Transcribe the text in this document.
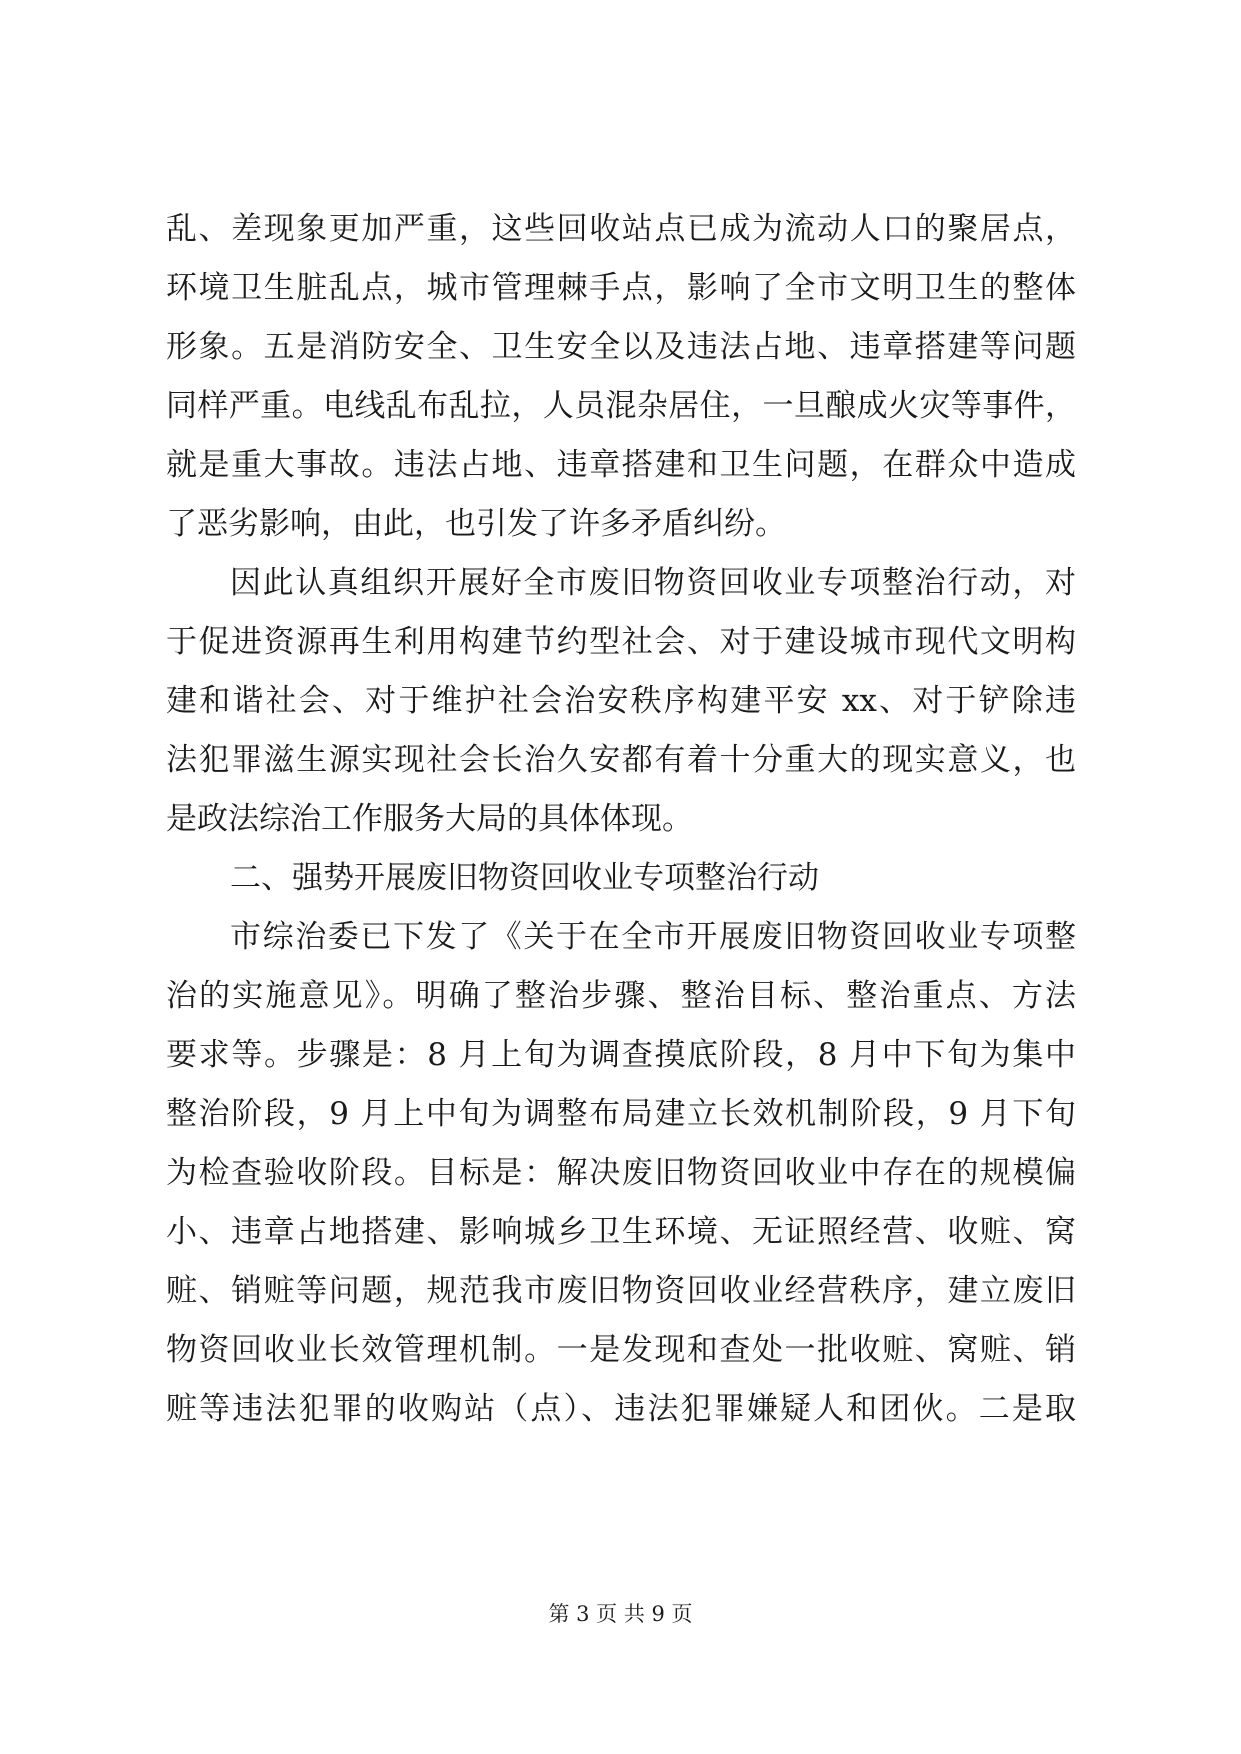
乱、差现象更加严重，这些回收站点已成为流动人口的聚居点，
环境卫生脏乱点，城市管理棘手点，影响了全市文明卫生的整体
形象。五是消防安全、卫生安全以及违法占地、违章搭建等问题
同样严重。电线乱布乱拉，人员混杂居住，一旦酿成火灾等事件，
就是重大事故。违法占地、违章搭建和卫生问题，在群众中造成
了恶劣影响，由此，也引发了许多矛盾纠纷。
因此认真组织开展好全市废旧物资回收业专项整治行动，对
于促进资源再生利用构建节约型社会、对于建设城市现代文明构
建和谐社会、对于维护社会治安秩序构建平安 xx、对于铲除违
法犯罪滋生源实现社会长治久安都有着十分重大的现实意义，也
是政法综治工作服务大局的具体体现。
二、强势开展废旧物资回收业专项整治行动
市综治委已下发了《关于在全市开展废旧物资回收业专项整
治的实施意见》。明确了整治步骤、整治目标、整治重点、方法
要求等。步骤是：8 月上旬为调查摸底阶段，8 月中下旬为集中
整治阶段，9 月上中旬为调整布局建立长效机制阶段，9 月下旬
为检查验收阶段。目标是：解决废旧物资回收业中存在的规模偏
小、违章占地搭建、影响城乡卫生环境、无证照经营、收赃、窝
赃、销赃等问题，规范我市废旧物资回收业经营秩序，建立废旧
物资回收业长效管理机制。一是发现和查处一批收赃、窝赃、销
赃等违法犯罪的收购站（点）、违法犯罪嫌疑人和团伙。二是取
第 3 页 共 9 页
